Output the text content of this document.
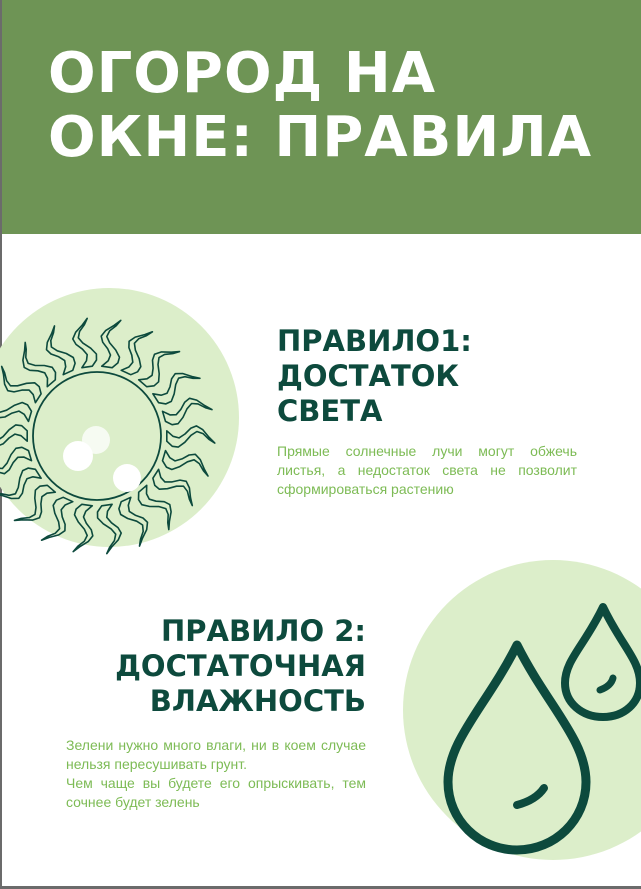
ОГОРОД НА
ОКНЕ: ПРАВИЛА
ПРАВИЛО1:
ДОСТАТОК
СВЕТА

Прямые солнечные лучи могут обжечь листья, а недостаток света не позволит сформироваться растению

ПРАВИЛО 2:
ДОСТАТОЧНАЯ
ВЛАЖНОСТЬ

Зелени нужно много влаги, ни в коем случае нельзя пересушивать грунт.

Чем чаще вы будете его опрыскивать, тем сочнее будет зелень
